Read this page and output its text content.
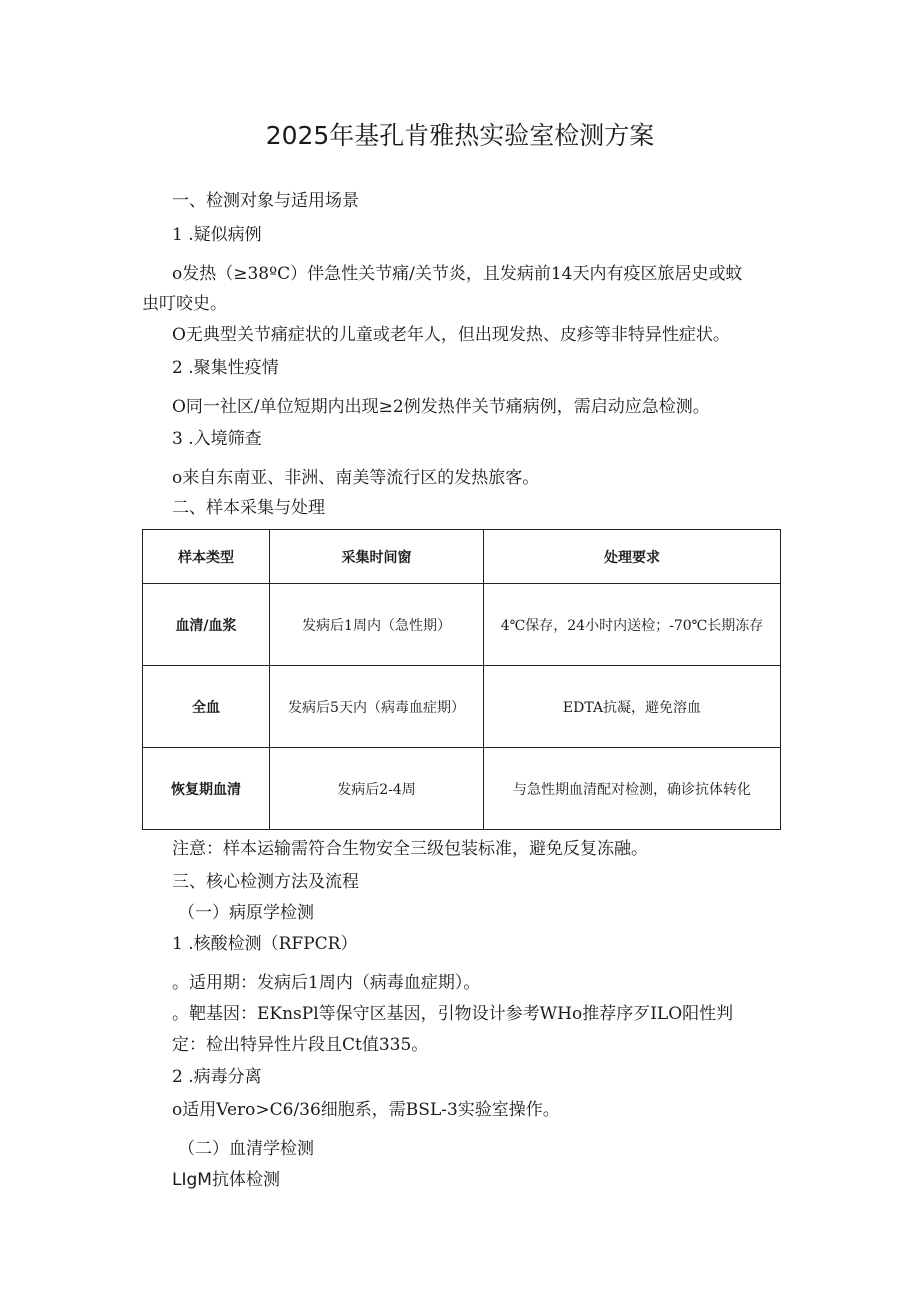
2025年基孔肯雅热实验室检测方案
一、检测对象与适用场景
1 .疑似病例
o发热（≥38ºC）伴急性关节痛/关节炎，且发病前14天内有疫区旅居史或蚊
虫叮咬史。
O无典型关节痛症状的儿童或老年人，但出现发热、皮疹等非特异性症状。
2 .聚集性疫情
O同一社区/单位短期内出现≥2例发热伴关节痛病例，需启动应急检测。
3 .入境筛查
o来自东南亚、非洲、南美等流行区的发热旅客。
二、样本采集与处理
样本类型	采集时间窗	处理要求
血清/血浆	发病后1周内（急性期）	4℃保存，24小时内送检；-70℃长期冻存
全血	发病后5天内（病毒血症期）	EDTA抗凝，避免溶血
恢复期血清	发病后2-4周	与急性期血清配对检测，确诊抗体转化
注意：样本运输需符合生物安全三级包装标准，避免反复冻融。
三、核心检测方法及流程
（一）病原学检测
1 .核酸检测（RFPCR）
。适用期：发病后1周内（病毒血症期）。
。靶基因：EKnsPl等保守区基因，引物设计参考WHo推荐序歹ILO阳性判
定：检出特异性片段且Ct值335。
2 .病毒分离
o适用Vero>C6/36细胞系，需BSL-3实验室操作。
（二）血清学检测
LIgM抗体检测
